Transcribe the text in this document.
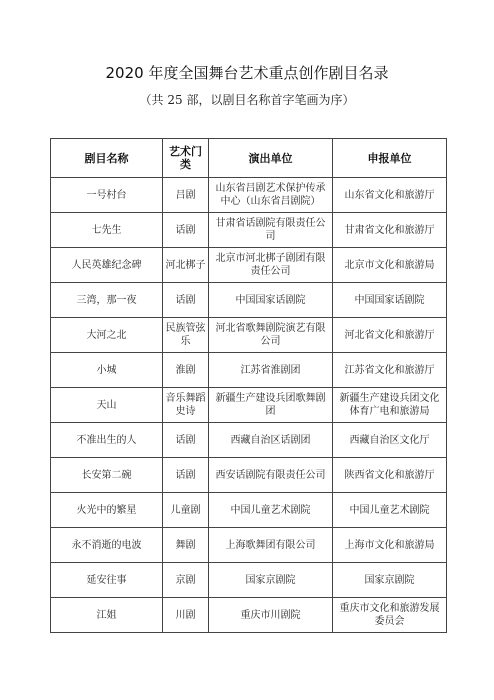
2020 年度全国舞台艺术重点创作剧目名录
（共 25 部，以剧目名称首字笔画为序）
剧目名称	艺术门类	演出单位	申报单位
一号村台	吕剧	山东省吕剧艺术保护传承中心（山东省吕剧院）	山东省文化和旅游厅
七先生	话剧	甘肃省话剧院有限责任公司	甘肃省文化和旅游厅
人民英雄纪念碑	河北梆子	北京市河北梆子剧团有限责任公司	北京市文化和旅游局
三湾，那一夜	话剧	中国国家话剧院	中国国家话剧院
大河之北	民族管弦乐	河北省歌舞剧院演艺有限公司	河北省文化和旅游厅
小城	淮剧	江苏省淮剧团	江苏省文化和旅游厅
天山	音乐舞蹈史诗	新疆生产建设兵团歌舞剧团	新疆生产建设兵团文化体育广电和旅游局
不准出生的人	话剧	西藏自治区话剧团	西藏自治区文化厅
长安第二碗	话剧	西安话剧院有限责任公司	陕西省文化和旅游厅
火光中的繁星	儿童剧	中国儿童艺术剧院	中国儿童艺术剧院
永不消逝的电波	舞剧	上海歌舞团有限公司	上海市文化和旅游局
延安往事	京剧	国家京剧院	国家京剧院
江姐	川剧	重庆市川剧院	重庆市文化和旅游发展委员会
